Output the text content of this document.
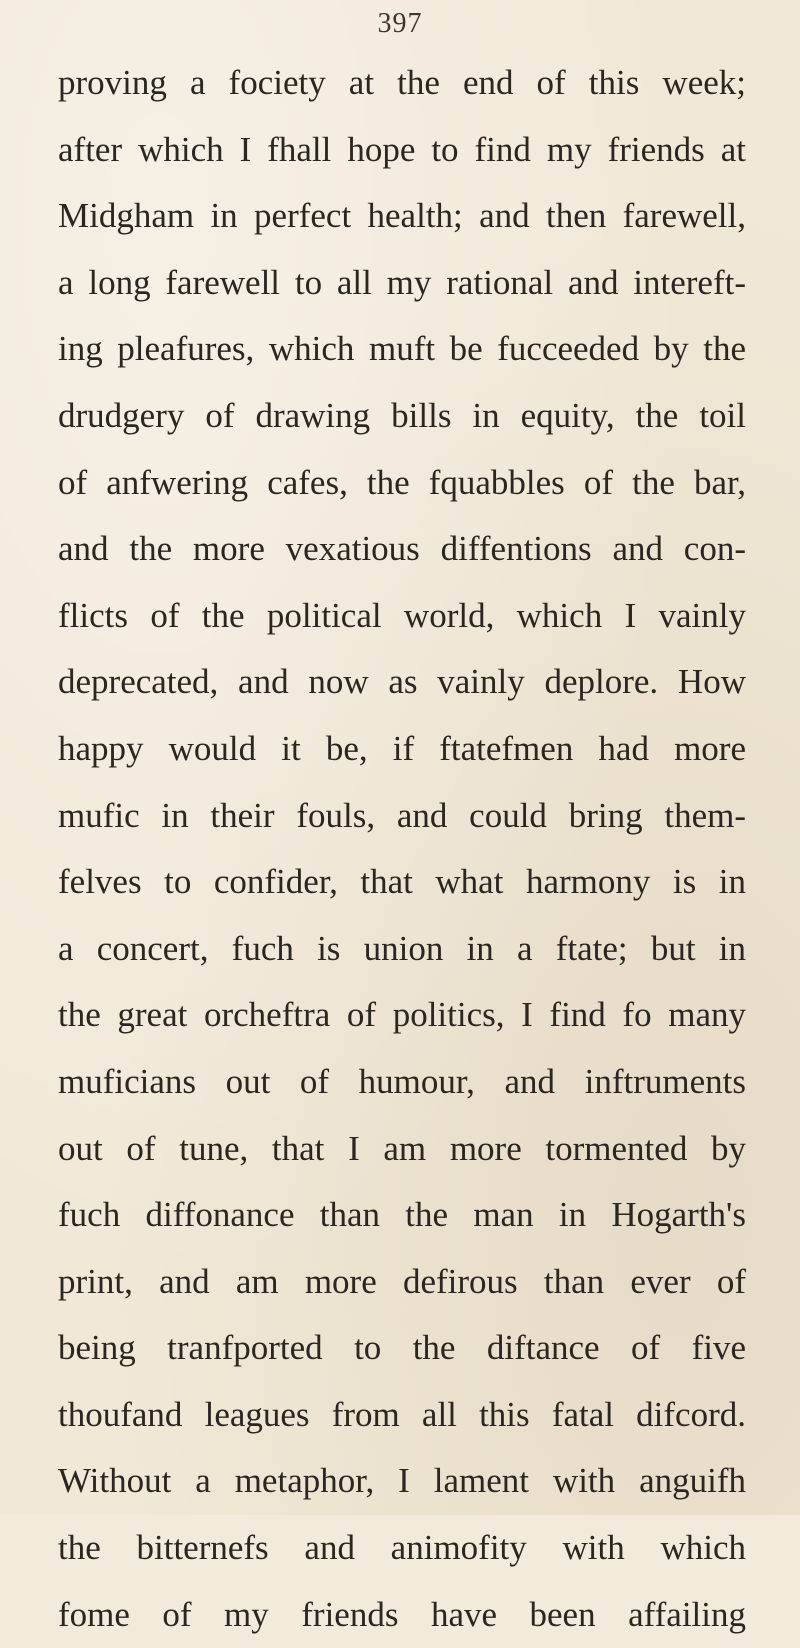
397
proving a fociety at the end of this week;
after which I fhall hope to find my friends at
Midgham in perfect health; and then farewell,
a long farewell to all my rational and intereft-
ing pleafures, which muft be fucceeded by the
drudgery of drawing bills in equity, the toil
of anfwering cafes, the fquabbles of the bar,
and the more vexatious diffentions and con-
flicts of the political world, which I vainly
deprecated, and now as vainly deplore. How
happy would it be, if ftatefmen had more
mufic in their fouls, and could bring them-
felves to confider, that what harmony is in
a concert, fuch is union in a ftate; but in
the great orcheftra of politics, I find fo many
muficians out of humour, and inftruments
out of tune, that I am more tormented by
fuch diffonance than the man in Hogarth's
print, and am more defirous than ever of
being tranfported to the diftance of five
thoufand leagues from all this fatal difcord.
Without a metaphor, I lament with anguifh
the bitternefs and animofity with which
fome of my friends have been affailing
